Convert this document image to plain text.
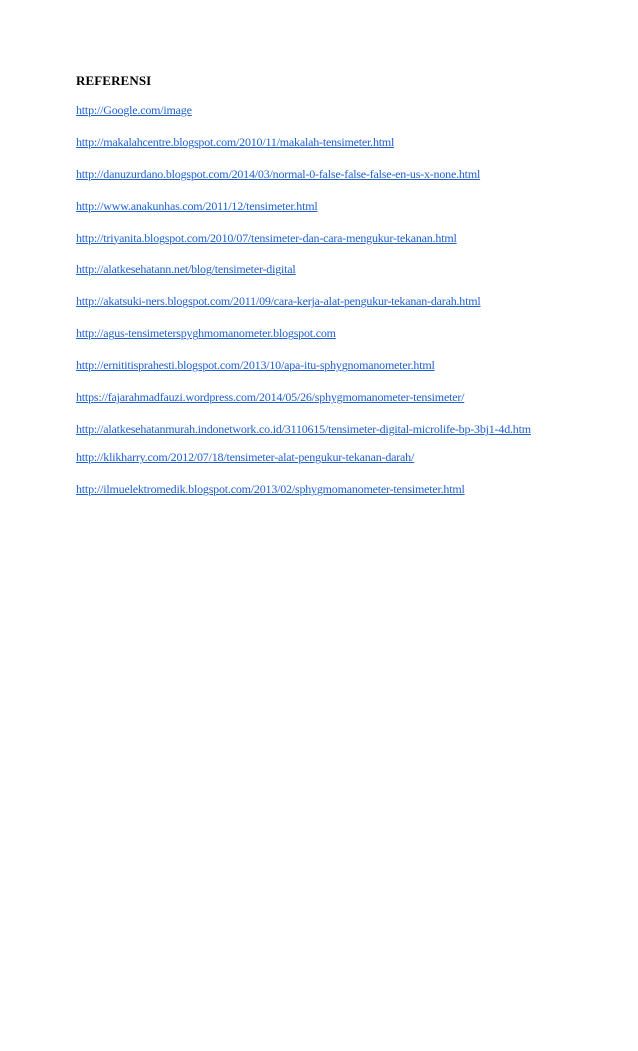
REFERENSI
http://Google.com/image
http://makalahcentre.blogspot.com/2010/11/makalah-tensimeter.html
http://danuzurdano.blogspot.com/2014/03/normal-0-false-false-false-en-us-x-none.html
http://www.anakunhas.com/2011/12/tensimeter.html
http://triyanita.blogspot.com/2010/07/tensimeter-dan-cara-mengukur-tekanan.html
http://alatkesehatann.net/blog/tensimeter-digital
http://akatsuki-ners.blogspot.com/2011/09/cara-kerja-alat-pengukur-tekanan-darah.html
http://agus-tensimeterspyghmomanometer.blogspot.com
http://ernititisprahesti.blogspot.com/2013/10/apa-itu-sphygnomanometer.html
https://fajarahmadfauzi.wordpress.com/2014/05/26/sphygmomanometer-tensimeter/
http://alatkesehatanmurah.indonetwork.co.id/3110615/tensimeter-digital-microlife-bp-3bj1-4d.htm
http://klikharry.com/2012/07/18/tensimeter-alat-pengukur-tekanan-darah/
http://ilmuelektromedik.blogspot.com/2013/02/sphygmomanometer-tensimeter.html
